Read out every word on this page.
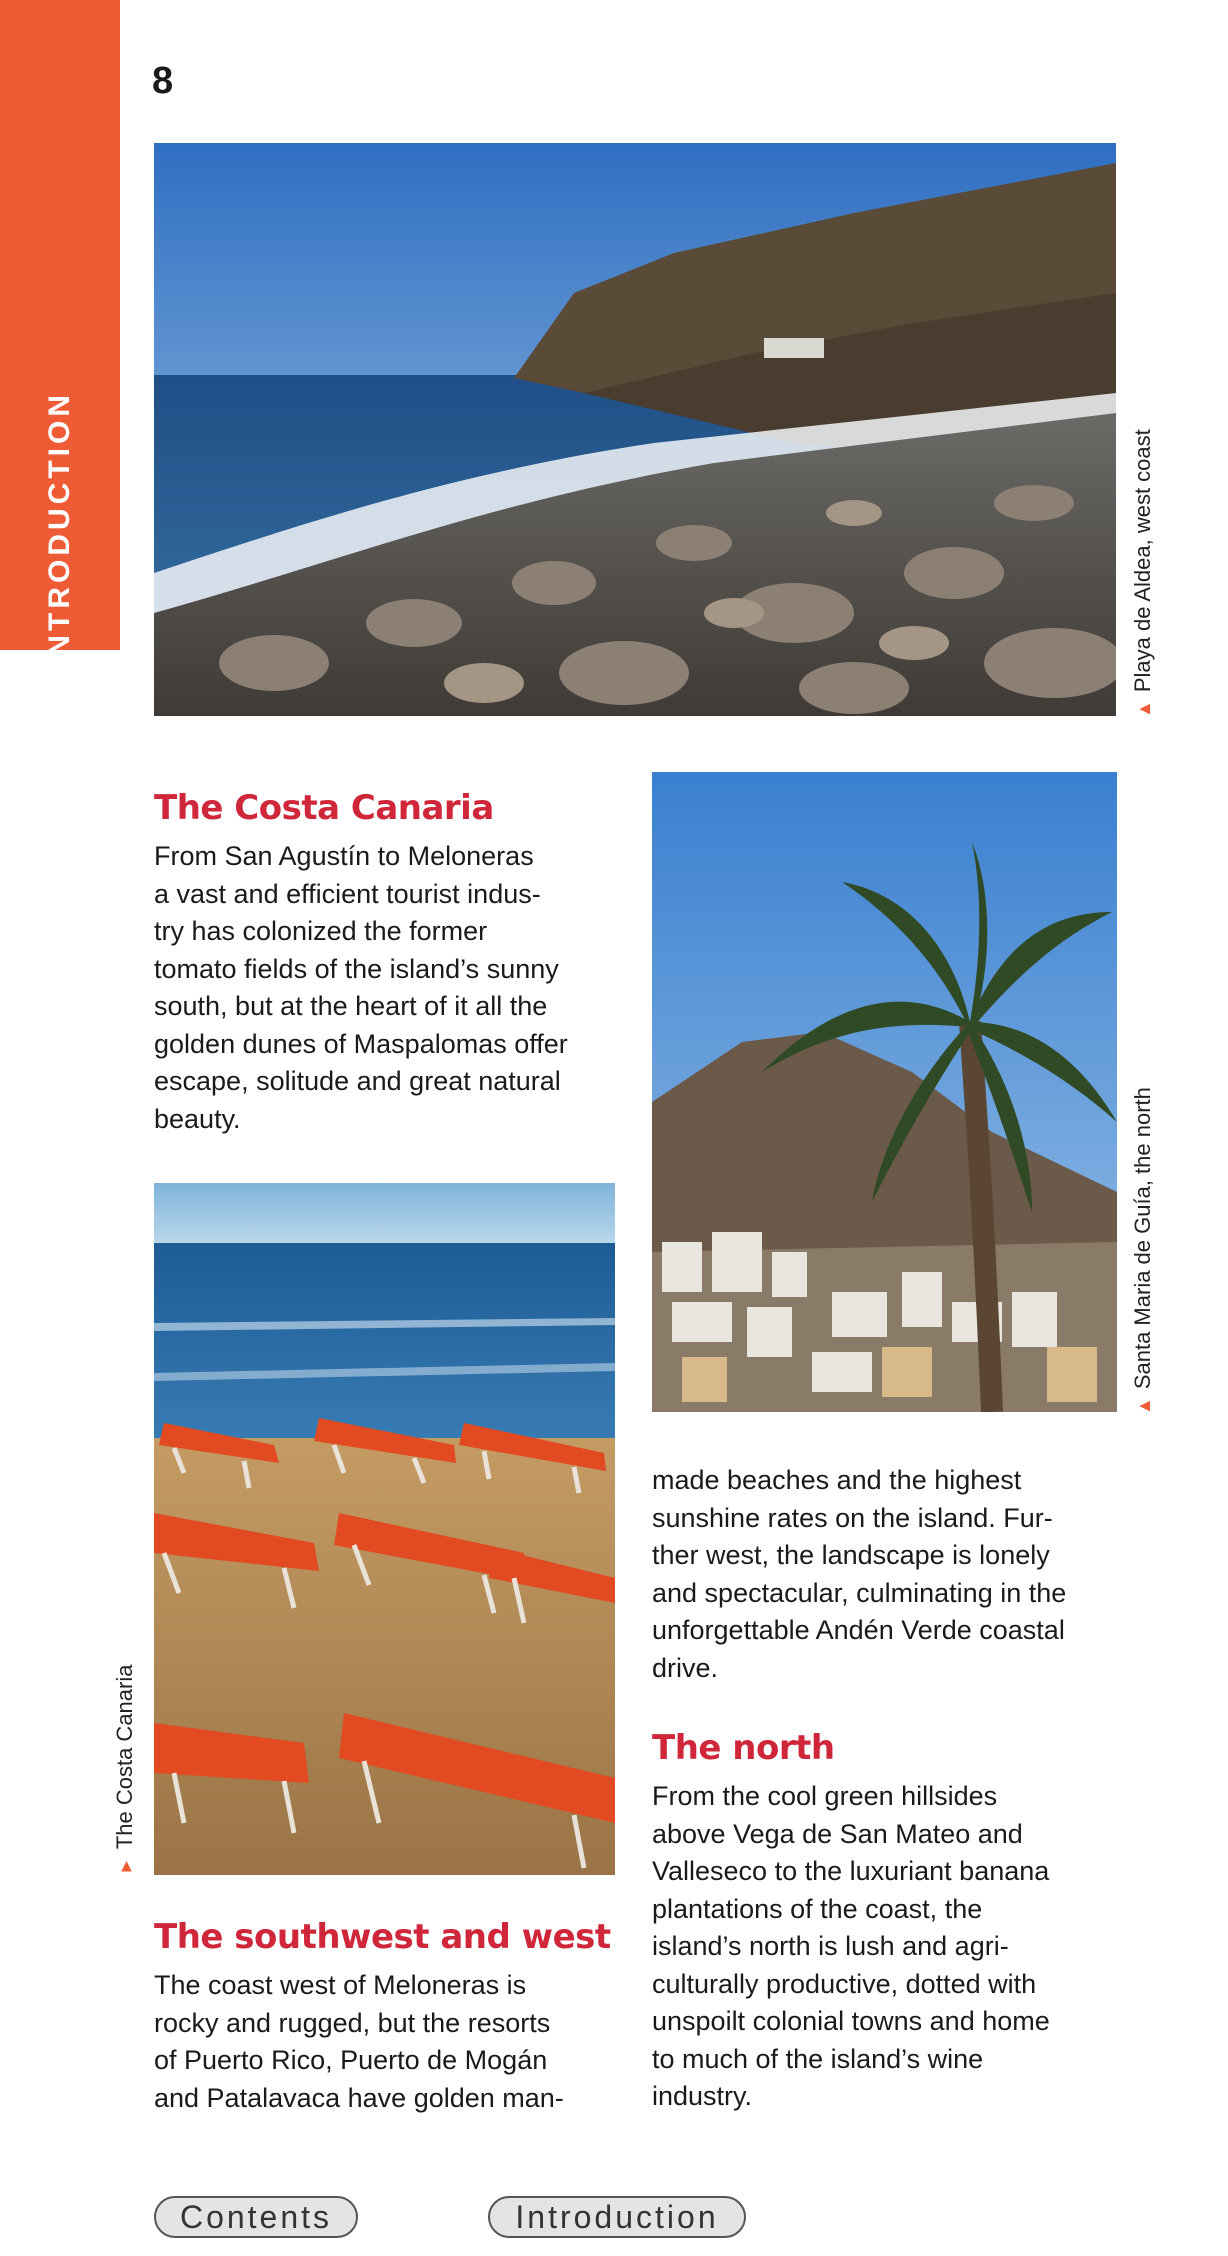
INTRODUCTION
8
▲Playa de Aldea, west coast
▲Santa Maria de Guía, the north
▲The Costa Canaria
The Costa Canaria
From San Agustín to Meloneras
a vast and efficient tourist indus-
try has colonized the former
tomato fields of the island’s sunny
south, but at the heart of it all the
golden dunes of Maspalomas offer
escape, solitude and great natural
beauty.
The southwest and west
The coast west of Meloneras is
rocky and rugged, but the resorts
of Puerto Rico, Puerto de Mogán
and Patalavaca have golden man-
made beaches and the highest
sunshine rates on the island. Fur-
ther west, the landscape is lonely
and spectacular, culminating in the
unforgettable Andén Verde coastal
drive.
The north
From the cool green hillsides
above Vega de San Mateo and
Valleseco to the luxuriant banana
plantations of the coast, the
island’s north is lush and agri-
culturally productive, dotted with
unspoilt colonial towns and home
to much of the island’s wine
industry.
Contents	Introduction
